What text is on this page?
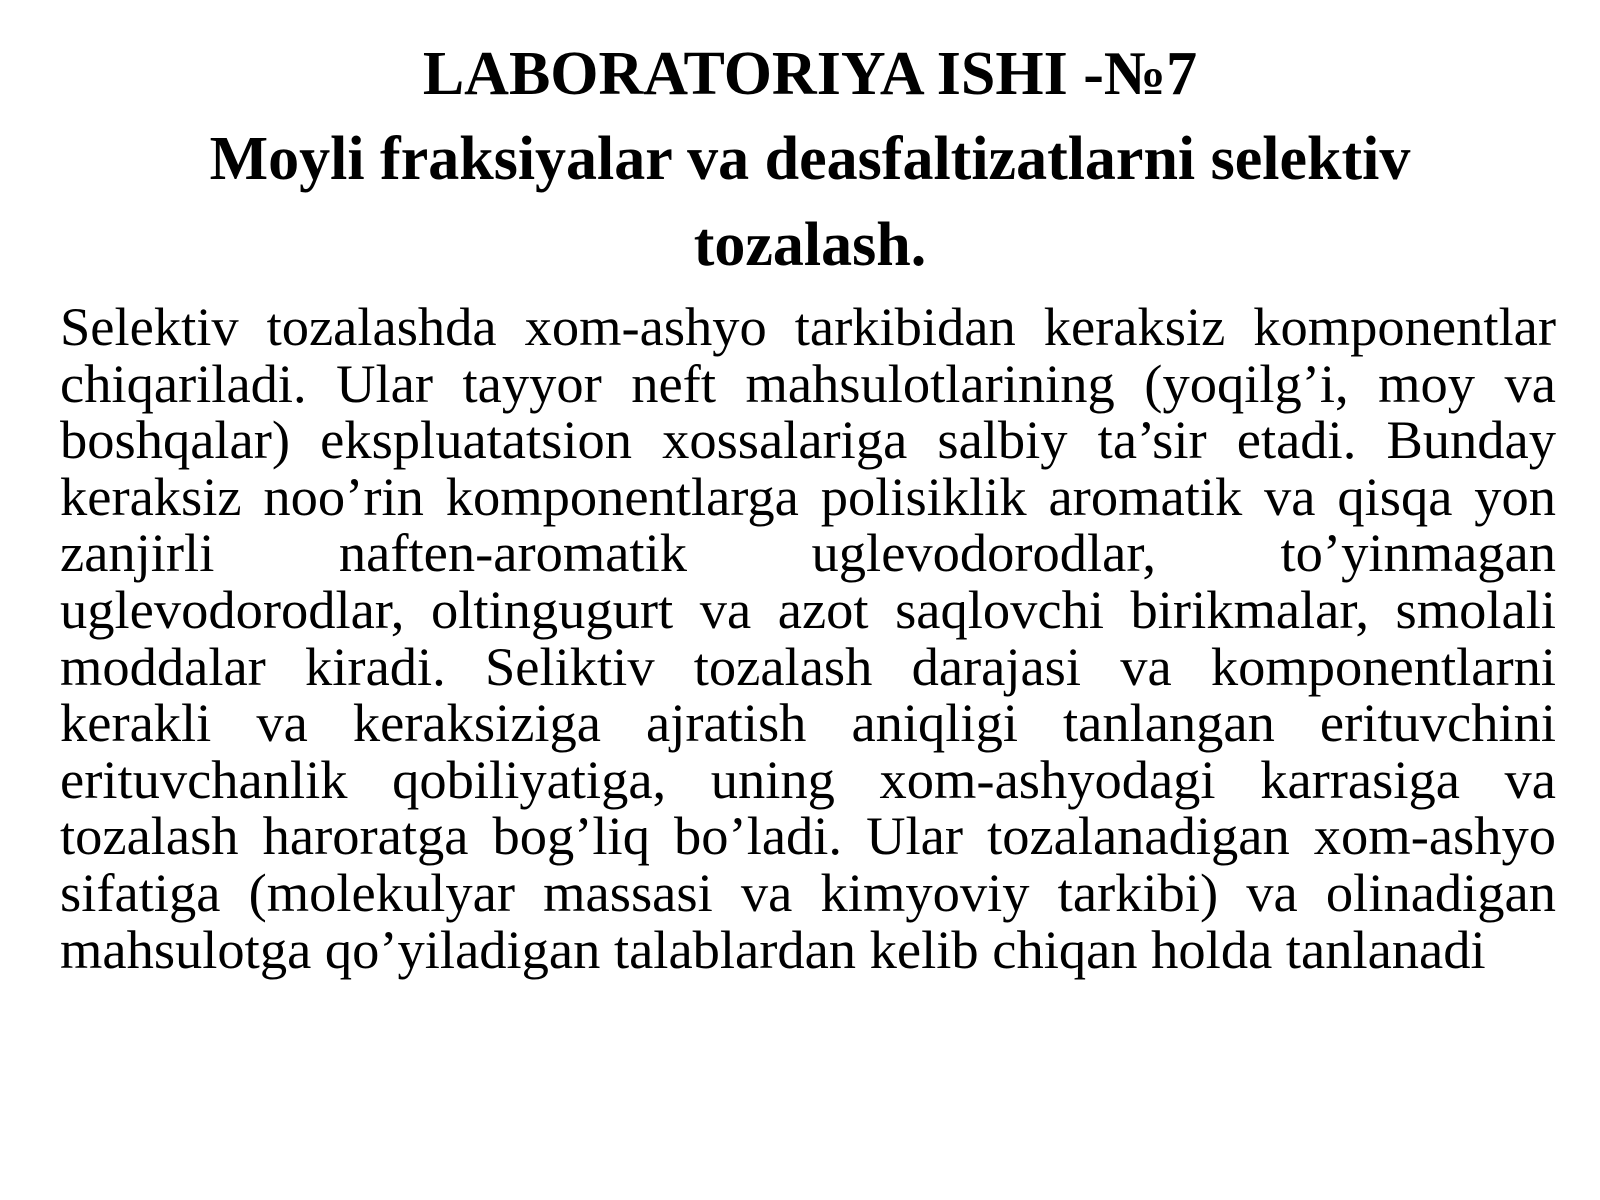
LABORATORIYA ISHI -№7
Moyli fraksiyalar va deasfaltizatlarni selektiv
tozalash.

Selektiv tozalashda xom-ashyo tarkibidan keraksiz komponentlar chiqariladi. Ular tayyor neft mahsulotlarining (yoqilg’i, moy va boshqalar) ekspluatatsion xossalariga salbiy ta’sir etadi. Bunday keraksiz noo’rin komponentlarga polisiklik aromatik va qisqa yon zanjirli naften-aromatik uglevodorodlar, to’yinmagan uglevodorodlar, oltingugurt va azot saqlovchi birikmalar, smolali moddalar kiradi. Seliktiv tozalash darajasi va komponentlarni kerakli va keraksiziga ajratish aniqligi tanlangan erituvchini erituvchanlik qobiliyatiga, uning xom-ashyodagi karrasiga va tozalash haroratga bog’liq bo’ladi. Ular tozalanadigan xom-ashyo sifatiga (molekulyar massasi va kimyoviy tarkibi) va olinadigan mahsulotga qo’yiladigan talablardan kelib chiqan holda tanlanadi
